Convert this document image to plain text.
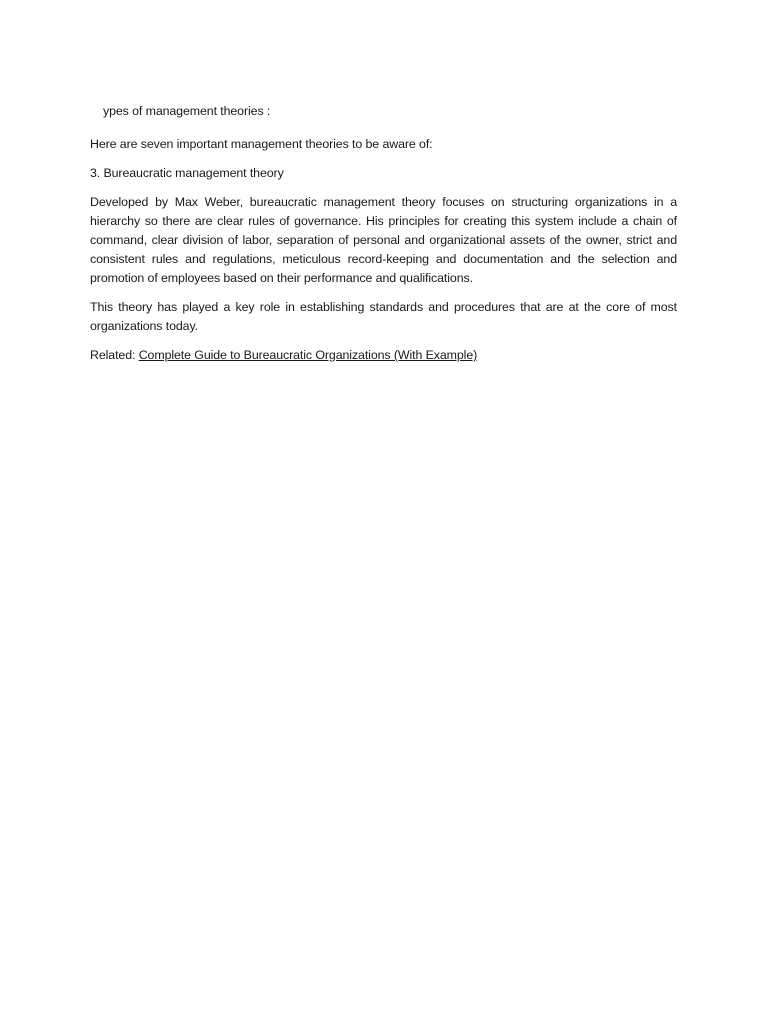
ypes of management theories :

Here are seven important management theories to be aware of:

3. Bureaucratic management theory

Developed by Max Weber, bureaucratic management theory focuses on structuring organizations in a hierarchy so there are clear rules of governance. His principles for creating this system include a chain of command, clear division of labor, separation of personal and organizational assets of the owner, strict and consistent rules and regulations, meticulous record-keeping and documentation and the selection and promotion of employees based on their performance and qualifications.

This theory has played a key role in establishing standards and procedures that are at the core of most organizations today.

Related: Complete Guide to Bureaucratic Organizations (With Example)
